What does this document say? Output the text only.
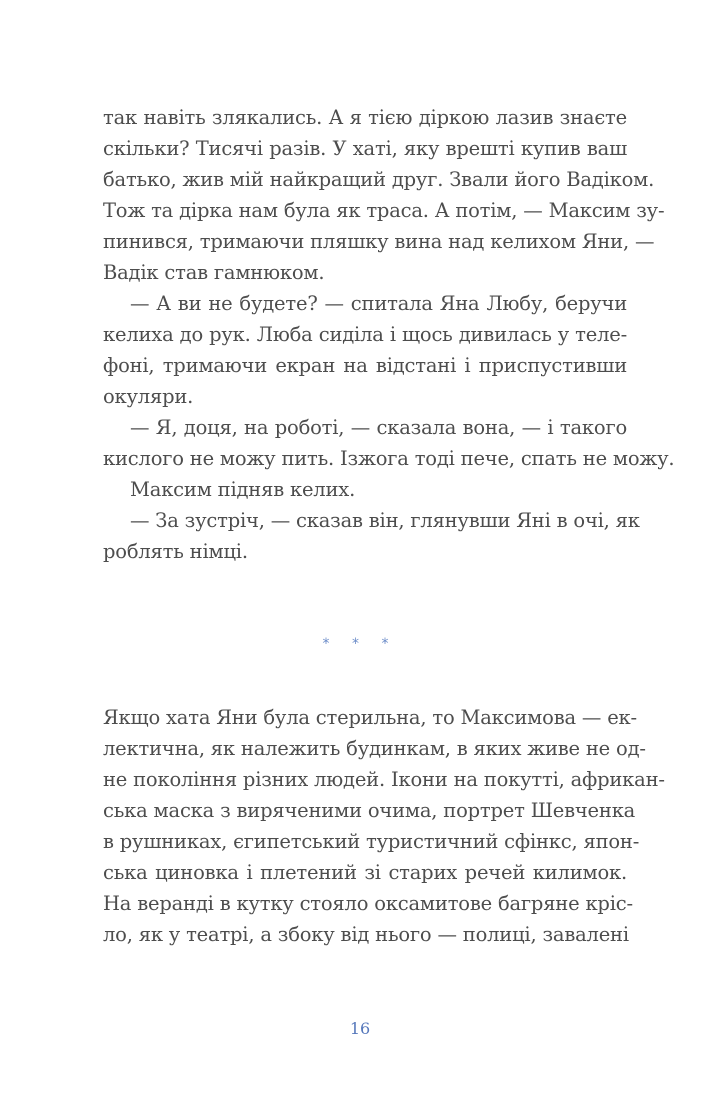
так навіть злякались. А я тією діркою лазив знаєте
скільки? Тисячі разів. У хаті, яку врешті купив ваш
батько, жив мій найкращий друг. Звали його Вадіком.
Тож та дірка нам була як траса. А потім, — Максим зу-
пинився, тримаючи пляшку вина над келихом Яни, —
Вадік став гамнюком.
— А ви не будете? — спитала Яна Любу, беручи
келиха до рук. Люба сиділа і щось дивилась у теле-
фоні, тримаючи екран на відстані і приспустивши
окуляри.
— Я, доця, на роботі, — сказала вона, — і такого
кислого не можу пить. Ізжога тоді пече, спать не можу.
Максим підняв келих.
— За зустріч, — сказав він, глянувши Яні в очі, як
роблять німці.
* * *
Якщо хата Яни була стерильна, то Максимова — ек-
лектична, як належить будинкам, в яких живе не од-
не покоління різних людей. Ікони на покутті, африкан-
ська маска з виряченими очима, портрет Шевченка
в рушниках, єгипетський туристичний сфінкс, япон-
ська циновка і плетений зі старих речей килимок.
На веранді в кутку стояло оксамитове багряне кріс-
ло, як у театрі, а збоку від нього — полиці, завалені
16
